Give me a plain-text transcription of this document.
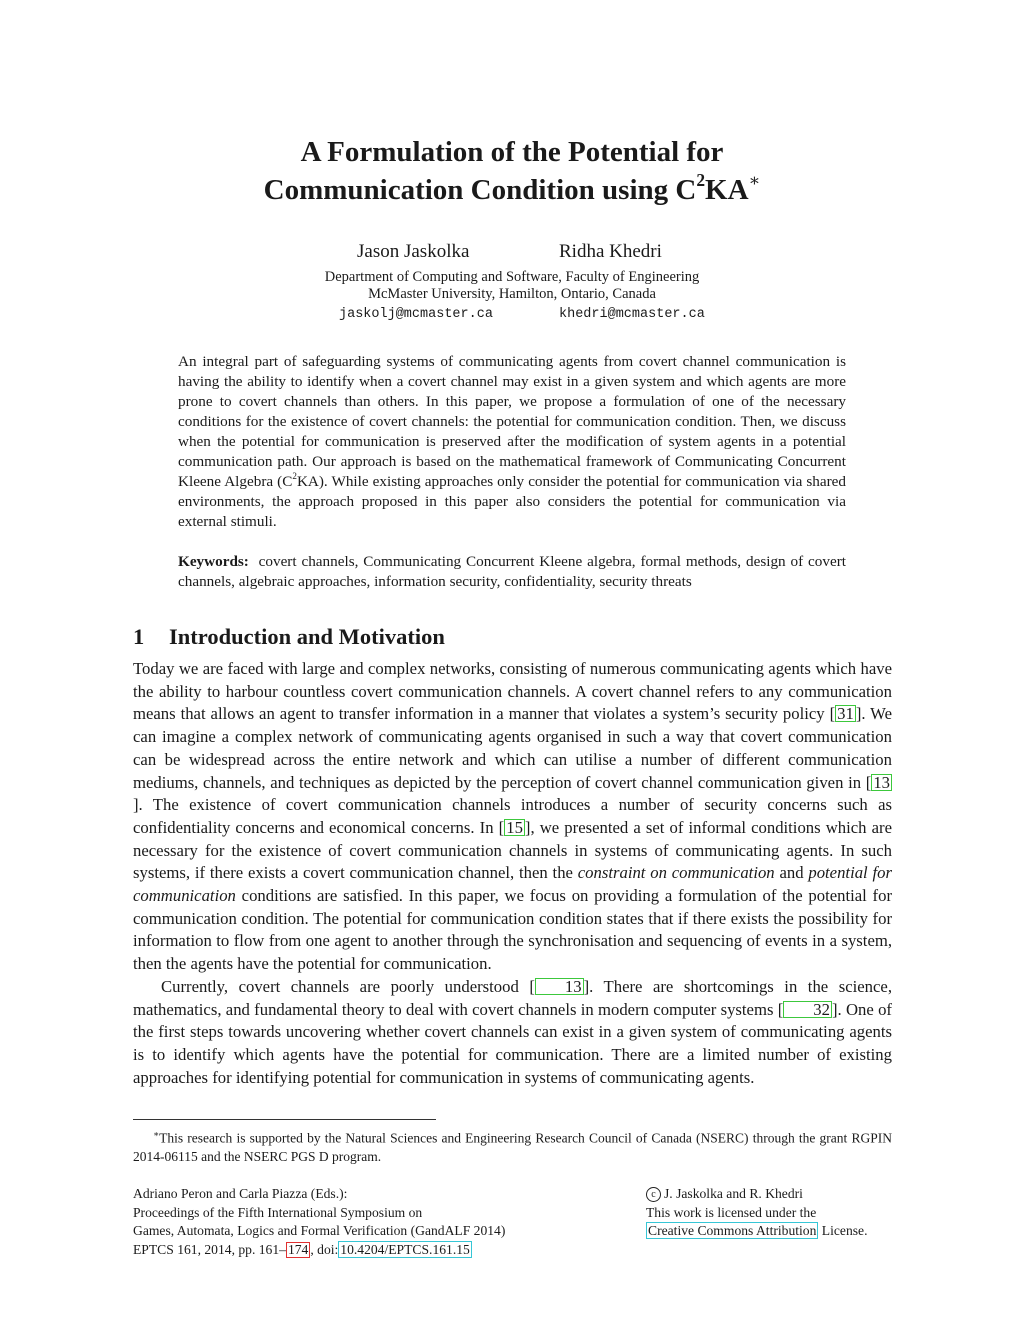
A Formulation of the Potential for
Communication Condition using $C^2KA^∗$
Jason Jaskolka	Ridha Khedri
Department of Computing and Software, Faculty of Engineering
McMaster University, Hamilton, Ontario, Canada
jaskolj@mcmaster.ca	khedri@mcmaster.ca

An integral part of safeguarding systems of communicating agents from covert channel communication is having the ability to identify when a covert channel may exist in a given system and which agents are more prone to covert channels than others. In this paper, we propose a formulation of one of the necessary conditions for the existence of covert channels: the potential for communication condition. Then, we discuss when the potential for communication is preserved after the modification of system agents in a potential communication path. Our approach is based on the mathematical framework of Communicating Concurrent Kleene Algebra $(C^2KA)$. While existing approaches only consider the potential for communication via shared environments, the approach proposed in this paper also considers the potential for communication via external stimuli.

Keywords: covert channels, Communicating Concurrent Kleene algebra, formal methods, design of covert channels, algebraic approaches, information security, confidentiality, security threats

1 Introduction and Motivation

Today we are faced with large and complex networks, consisting of numerous communicating agents which have the ability to harbour countless covert communication channels. A covert channel refers to any communication means that allows an agent to transfer information in a manner that violates a system’s security policy [ 31 ]. We can imagine a complex network of communicating agents organised in such a way that covert communication can be widespread across the entire network and which can utilise a number of different communication mediums, channels, and techniques as depicted by the perception of covert channel communication given in [ 13]. The existence of covert communication channels introduces a number of security concerns such as confidentiality concerns and economical concerns. In [ 15 ], we presented a set of informal conditions which are necessary for the existence of covert communication channels in systems of communicating agents. In such systems, if there exists a covert communication channel, then the constraint on communication and potential for communication conditions are satisfied. In this paper, we focus on providing a formulation of the potential for communication condition. The potential for communication condition states that if there exists the possibility for information to flow from one agent to another through the synchronisation and sequencing of events in a system, then the agents have the potential for communication.

Currently, covert channels are poorly understood [ 13 ]. There are shortcomings in the science, mathematics, and fundamental theory to deal with covert channels in modern computer systems [ 32 ]. One of the first steps towards uncovering whether covert channels can exist in a given system of communicating agents is to identify which agents have the potential for communication. There are a limited number of existing approaches for identifying potential for communication in systems of communicating agents.

∗This research is supported by the Natural Sciences and Engineering Research Council of Canada (NSERC) through the grant RGPIN 2014-06115 and the NSERC PGS D program.
Adriano Peron and Carla Piazza (Eds.):
Proceedings of the Fifth International Symposium on
Games, Automata, Logics and Formal Verification (GandALF 2014)
EPTCS 161, 2014, pp. 161– 174 , doi: 10.4204/EPTCS.161.15
c J. Jaskolka and R. Khedri
This work is licensed under the
Creative Commons Attribution License.
